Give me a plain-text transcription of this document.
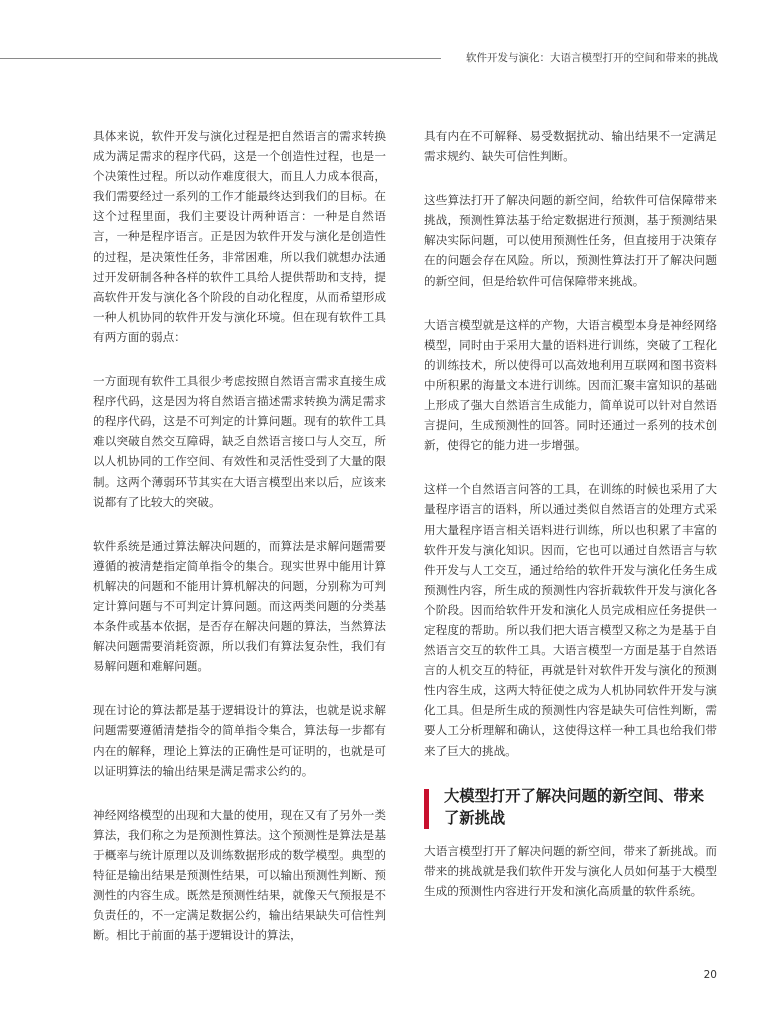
软件开发与演化：大语言模型打开的空间和带来的挑战

具体来说，软件开发与演化过程是把自然语言的需求转换成为满足需求的程序代码，这是一个创造性过程，也是一个决策性过程。所以动作难度很大，而且人力成本很高，我们需要经过一系列的工作才能最终达到我们的目标。在这个过程里面，我们主要设计两种语言：一种是自然语言，一种是程序语言。正是因为软件开发与演化是创造性的过程，是决策性任务，非常困难，所以我们就想办法通过开发研制各种各样的软件工具给人提供帮助和支持，提高软件开发与演化各个阶段的自动化程度，从而希望形成一种人机协同的软件开发与演化环境。但在现有软件工具有两方面的弱点：

一方面现有软件工具很少考虑按照自然语言需求直接生成程序代码，这是因为将自然语言描述需求转换为满足需求的程序代码，这是不可判定的计算问题。现有的软件工具难以突破自然交互障碍，缺乏自然语言接口与人交互，所以人机协同的工作空间、有效性和灵活性受到了大量的限制。这两个薄弱环节其实在大语言模型出来以后，应该来说都有了比较大的突破。

软件系统是通过算法解决问题的，而算法是求解问题需要遵循的被清楚指定简单指令的集合。现实世界中能用计算机解决的问题和不能用计算机解决的问题，分别称为可判定计算问题与不可判定计算问题。而这两类问题的分类基本条件或基本依据，是否存在解决问题的算法，当然算法解决问题需要消耗资源，所以我们有算法复杂性，我们有易解问题和难解问题。

现在讨论的算法都是基于逻辑设计的算法，也就是说求解问题需要遵循清楚指令的简单指令集合，算法每一步都有内在的解释，理论上算法的正确性是可证明的，也就是可以证明算法的输出结果是满足需求公约的。

神经网络模型的出现和大量的使用，现在又有了另外一类算法，我们称之为是预测性算法。这个预测性是算法是基于概率与统计原理以及训练数据形成的数学模型。典型的特征是输出结果是预测性结果，可以输出预测性判断、预测性的内容生成。既然是预测性结果，就像天气预报是不负责任的，不一定满足数据公约，输出结果缺失可信性判断。相比于前面的基于逻辑设计的算法，

具有内在不可解释、易受数据扰动、输出结果不一定满足需求规约、缺失可信性判断。

这些算法打开了解决问题的新空间，给软件可信保障带来挑战，预测性算法基于给定数据进行预测，基于预测结果解决实际问题，可以使用预测性任务，但直接用于决策存在的问题会存在风险。所以，预测性算法打开了解决问题的新空间，但是给软件可信保障带来挑战。

大语言模型就是这样的产物，大语言模型本身是神经网络模型，同时由于采用大量的语料进行训练，突破了工程化的训练技术，所以使得可以高效地利用互联网和图书资料中所积累的海量文本进行训练。因而汇聚丰富知识的基础上形成了强大自然语言生成能力，简单说可以针对自然语言提问，生成预测性的回答。同时还通过一系列的技术创新，使得它的能力进一步增强。

这样一个自然语言问答的工具，在训练的时候也采用了大量程序语言的语料，所以通过类似自然语言的处理方式采用大量程序语言相关语料进行训练，所以也积累了丰富的软件开发与演化知识。因而，它也可以通过自然语言与软件开发与人工交互，通过给给的软件开发与演化任务生成预测性内容，所生成的预测性内容折载软件开发与演化各个阶段。因而给软件开发和演化人员完成相应任务提供一定程度的帮助。所以我们把大语言模型又称之为是基于自然语言交互的软件工具。大语言模型一方面是基于自然语言的人机交互的特征，再就是针对软件开发与演化的预测性内容生成，这两大特征使之成为人机协同软件开发与演化工具。但是所生成的预测性内容是缺失可信性判断，需要人工分析理解和确认，这使得这样一种工具也给我们带来了巨大的挑战。

大模型打开了解决问题的新空间、带来了新挑战

大语言模型打开了解决问题的新空间，带来了新挑战。而带来的挑战就是我们软件开发与演化人员如何基于大模型生成的预测性内容进行开发和演化高质量的软件系统。

20
